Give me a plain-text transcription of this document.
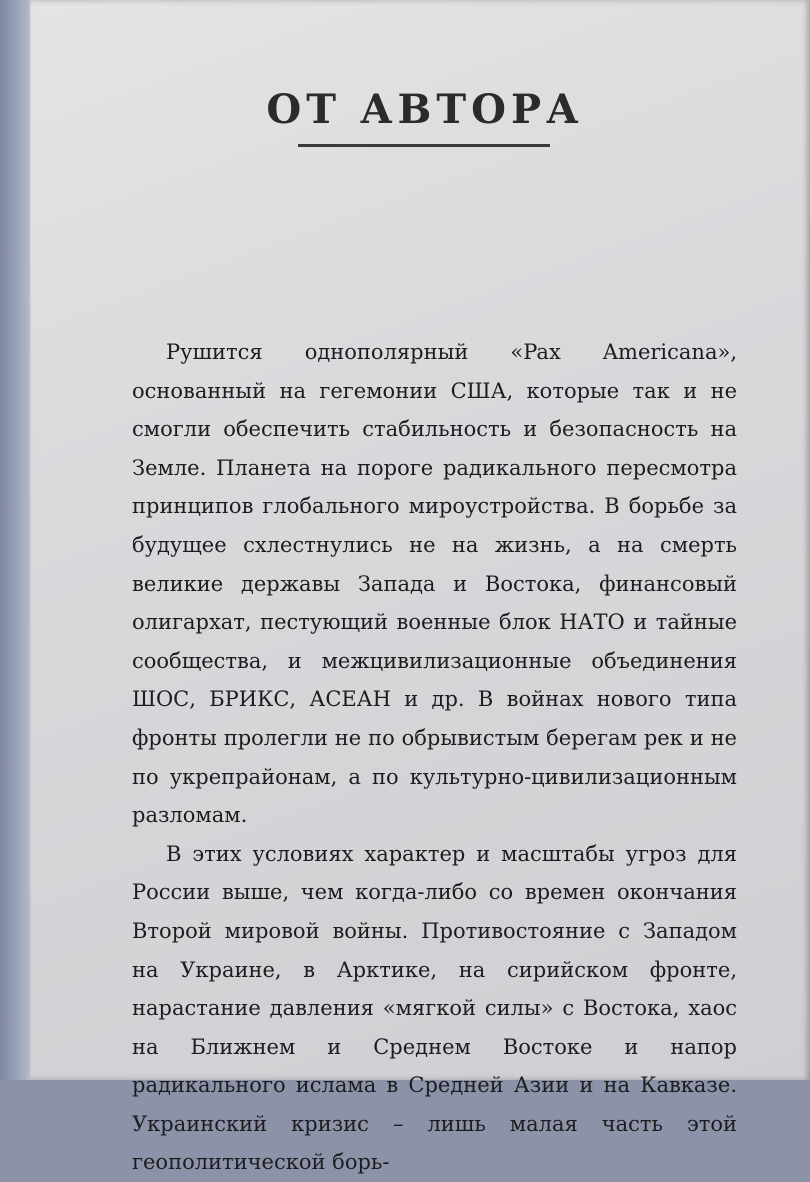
ОТ АВТОРА

Рушится однополярный «Pax Americana», основанный на гегемонии США, которые так и не смогли обеспечить стабильность и безопасность на Земле. Планета на пороге радикального пересмотра принципов глобального мироустройства. В борьбе за будущее схлестнулись не на жизнь, а на смерть великие державы Запада и Востока, финансовый олигархат, пестующий военные блок НАТО и тайные сообщества, и межцивилизационные объединения ШОС, БРИКС, АСЕАН и др. В войнах нового типа фронты пролегли не по обрывистым берегам рек и не по укрепрайонам, а по культурно-цивилизационным разломам.

В этих условиях характер и масштабы угроз для России выше, чем когда-либо со времен окончания Второй мировой войны. Противостояние с Западом на Украине, в Арктике, на сирийском фронте, нарастание давления «мягкой силы» с Востока, хаос на Ближнем и Среднем Востоке и напор радикального ислама в Средней Азии и на Кавказе. Украинский кризис – лишь малая часть этой геополитической борь-
